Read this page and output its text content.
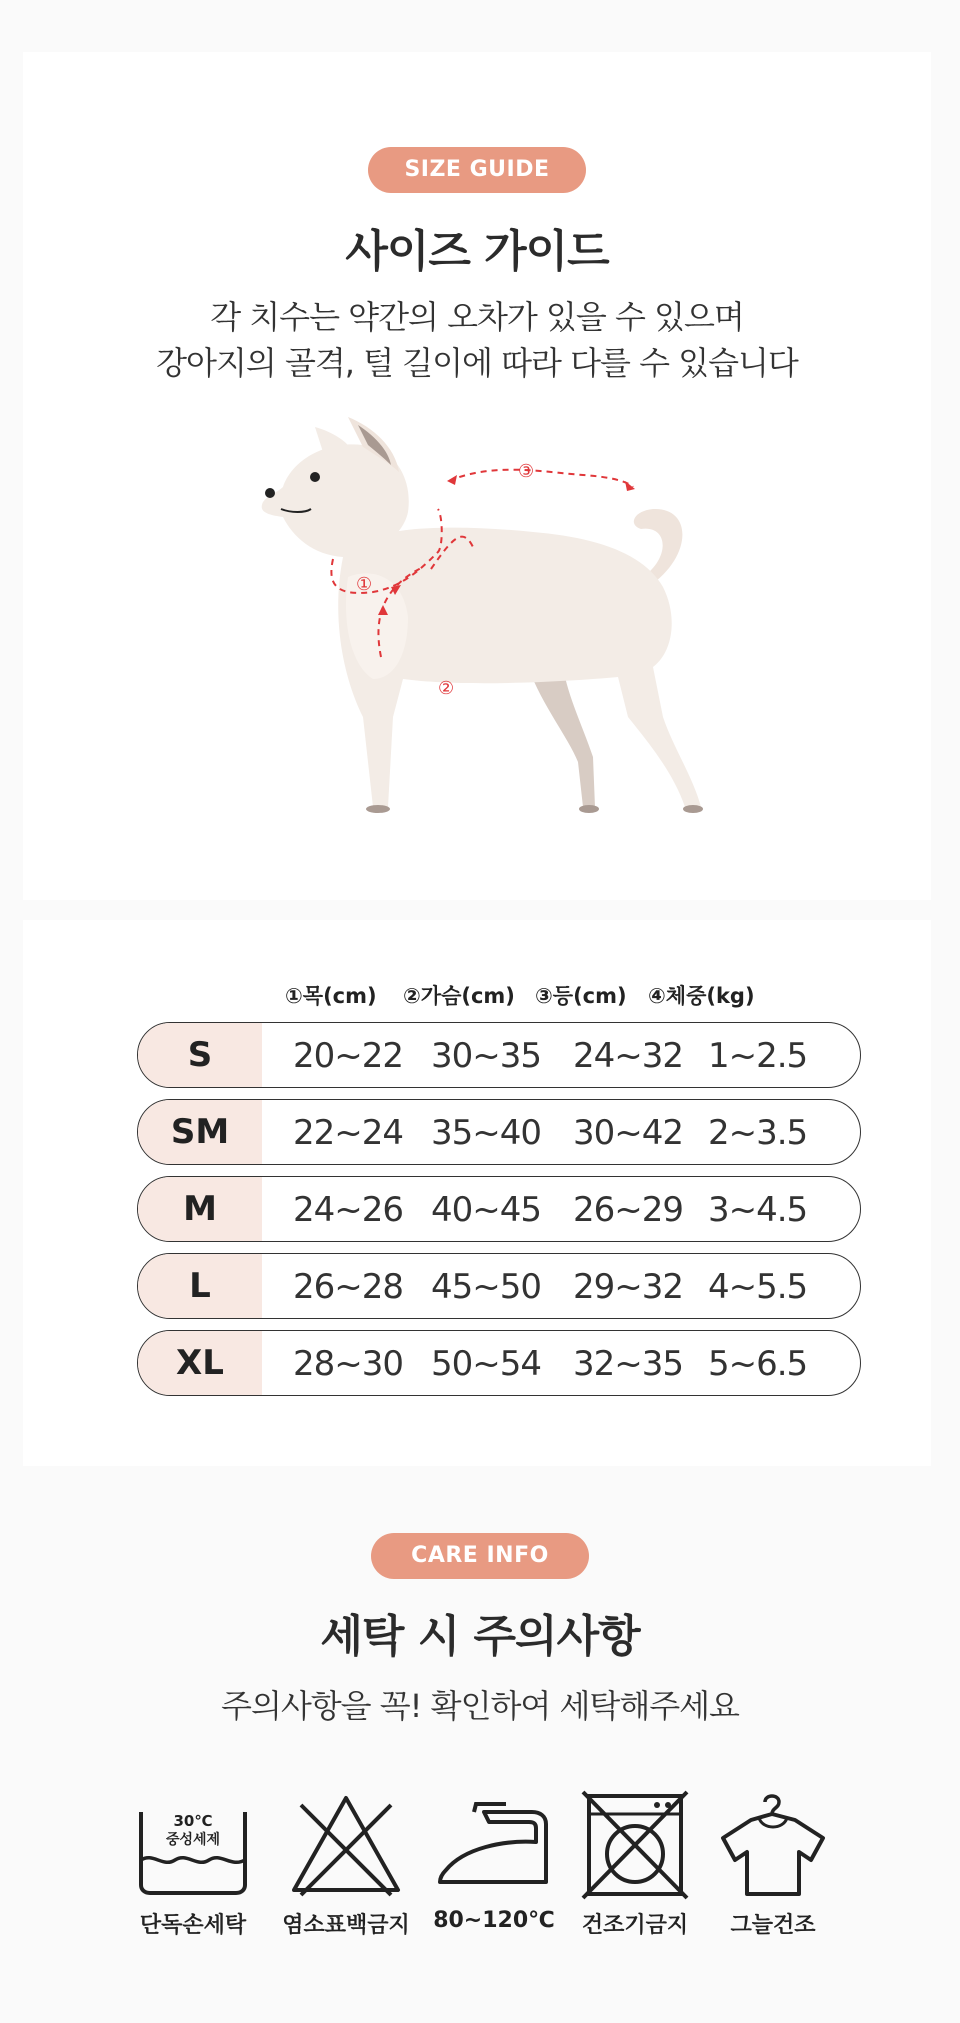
SIZE GUIDE
사이즈 가이드
각 치수는 약간의 오차가 있을 수 있으며
강아지의 골격, 털 길이에 따라 다를 수 있습니다
③
①
②
①목(cm) ②가슴(cm) ③등(cm) ④체중(kg)
S	20~22 30~35 24~32 1~2.5
SM	22~24 35~40 30~42 2~3.5
M	24~26 40~45 26~29 3~4.5
L	26~28 45~50 29~32 4~5.5
XL	28~30 50~54 32~35 5~6.5
CARE INFO
세탁 시 주의사항
주의사항을 꼭! 확인하여 세탁해주세요
30℃
중성세제
단독손세탁	염소표백금지	80~120℃	건조기금지	그늘건조
